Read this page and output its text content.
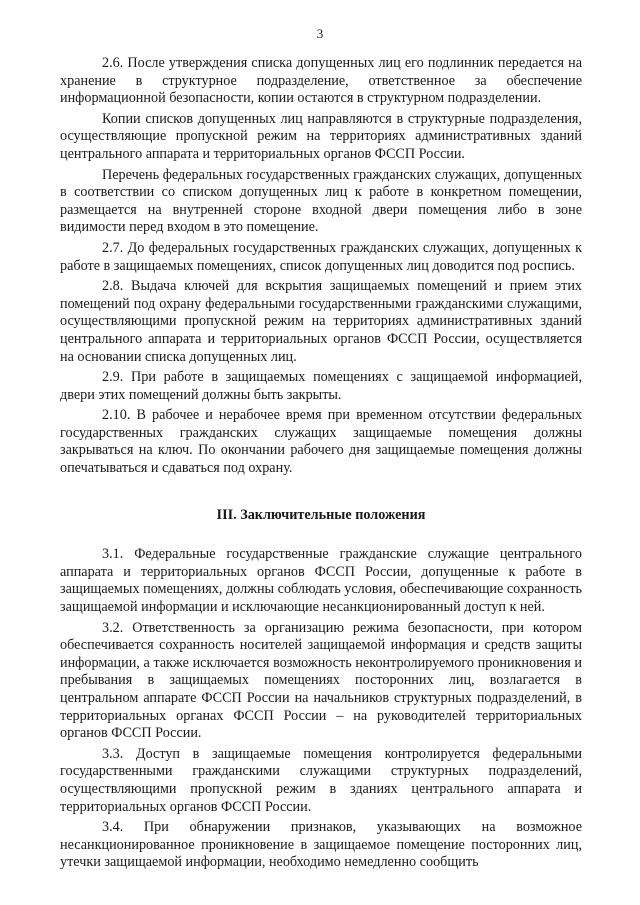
3

2.6. После утверждения списка допущенных лиц его подлинник передается на хранение в структурное подразделение, ответственное за обеспечение информационной безопасности, копии остаются в структурном подразделении.

Копии списков допущенных лиц направляются в структурные подразделения, осуществляющие пропускной режим на территориях административных зданий центрального аппарата и территориальных органов ФССП России.

Перечень федеральных государственных гражданских служащих, допущенных в соответствии со списком допущенных лиц к работе в конкретном помещении, размещается на внутренней стороне входной двери помещения либо в зоне видимости перед входом в это помещение.

2.7. До федеральных государственных гражданских служащих, допущенных к работе в защищаемых помещениях, список допущенных лиц доводится под роспись.

2.8. Выдача ключей для вскрытия защищаемых помещений и прием этих помещений под охрану федеральными государственными гражданскими служащими, осуществляющими пропускной режим на территориях административных зданий центрального аппарата и территориальных органов ФССП России, осуществляется на основании списка допущенных лиц.

2.9. При работе в защищаемых помещениях с защищаемой информацией, двери этих помещений должны быть закрыты.

2.10. В рабочее и нерабочее время при временном отсутствии федеральных государственных гражданских служащих защищаемые помещения должны закрываться на ключ. По окончании рабочего дня защищаемые помещения должны опечатываться и сдаваться под охрану.

III. Заключительные положения

3.1. Федеральные государственные гражданские служащие центрального аппарата и территориальных органов ФССП России, допущенные к работе в защищаемых помещениях, должны соблюдать условия, обеспечивающие сохранность защищаемой информации и исключающие несанкционированный доступ к ней.

3.2. Ответственность за организацию режима безопасности, при котором обеспечивается сохранность носителей защищаемой информация и средств защиты информации, а также исключается возможность неконтролируемого проникновения и пребывания в защищаемых помещениях посторонних лиц, возлагается в центральном аппарате ФССП России на начальников структурных подразделений, в территориальных органах ФССП России – на руководителей территориальных органов ФССП России.

3.3. Доступ в защищаемые помещения контролируется федеральными государственными гражданскими служащими структурных подразделений, осуществляющими пропускной режим в зданиях центрального аппарата и территориальных органов ФССП России.

3.4. При обнаружении признаков, указывающих на возможное несанкционированное проникновение в защищаемое помещение посторонних лиц, утечки защищаемой информации, необходимо немедленно сообщить
